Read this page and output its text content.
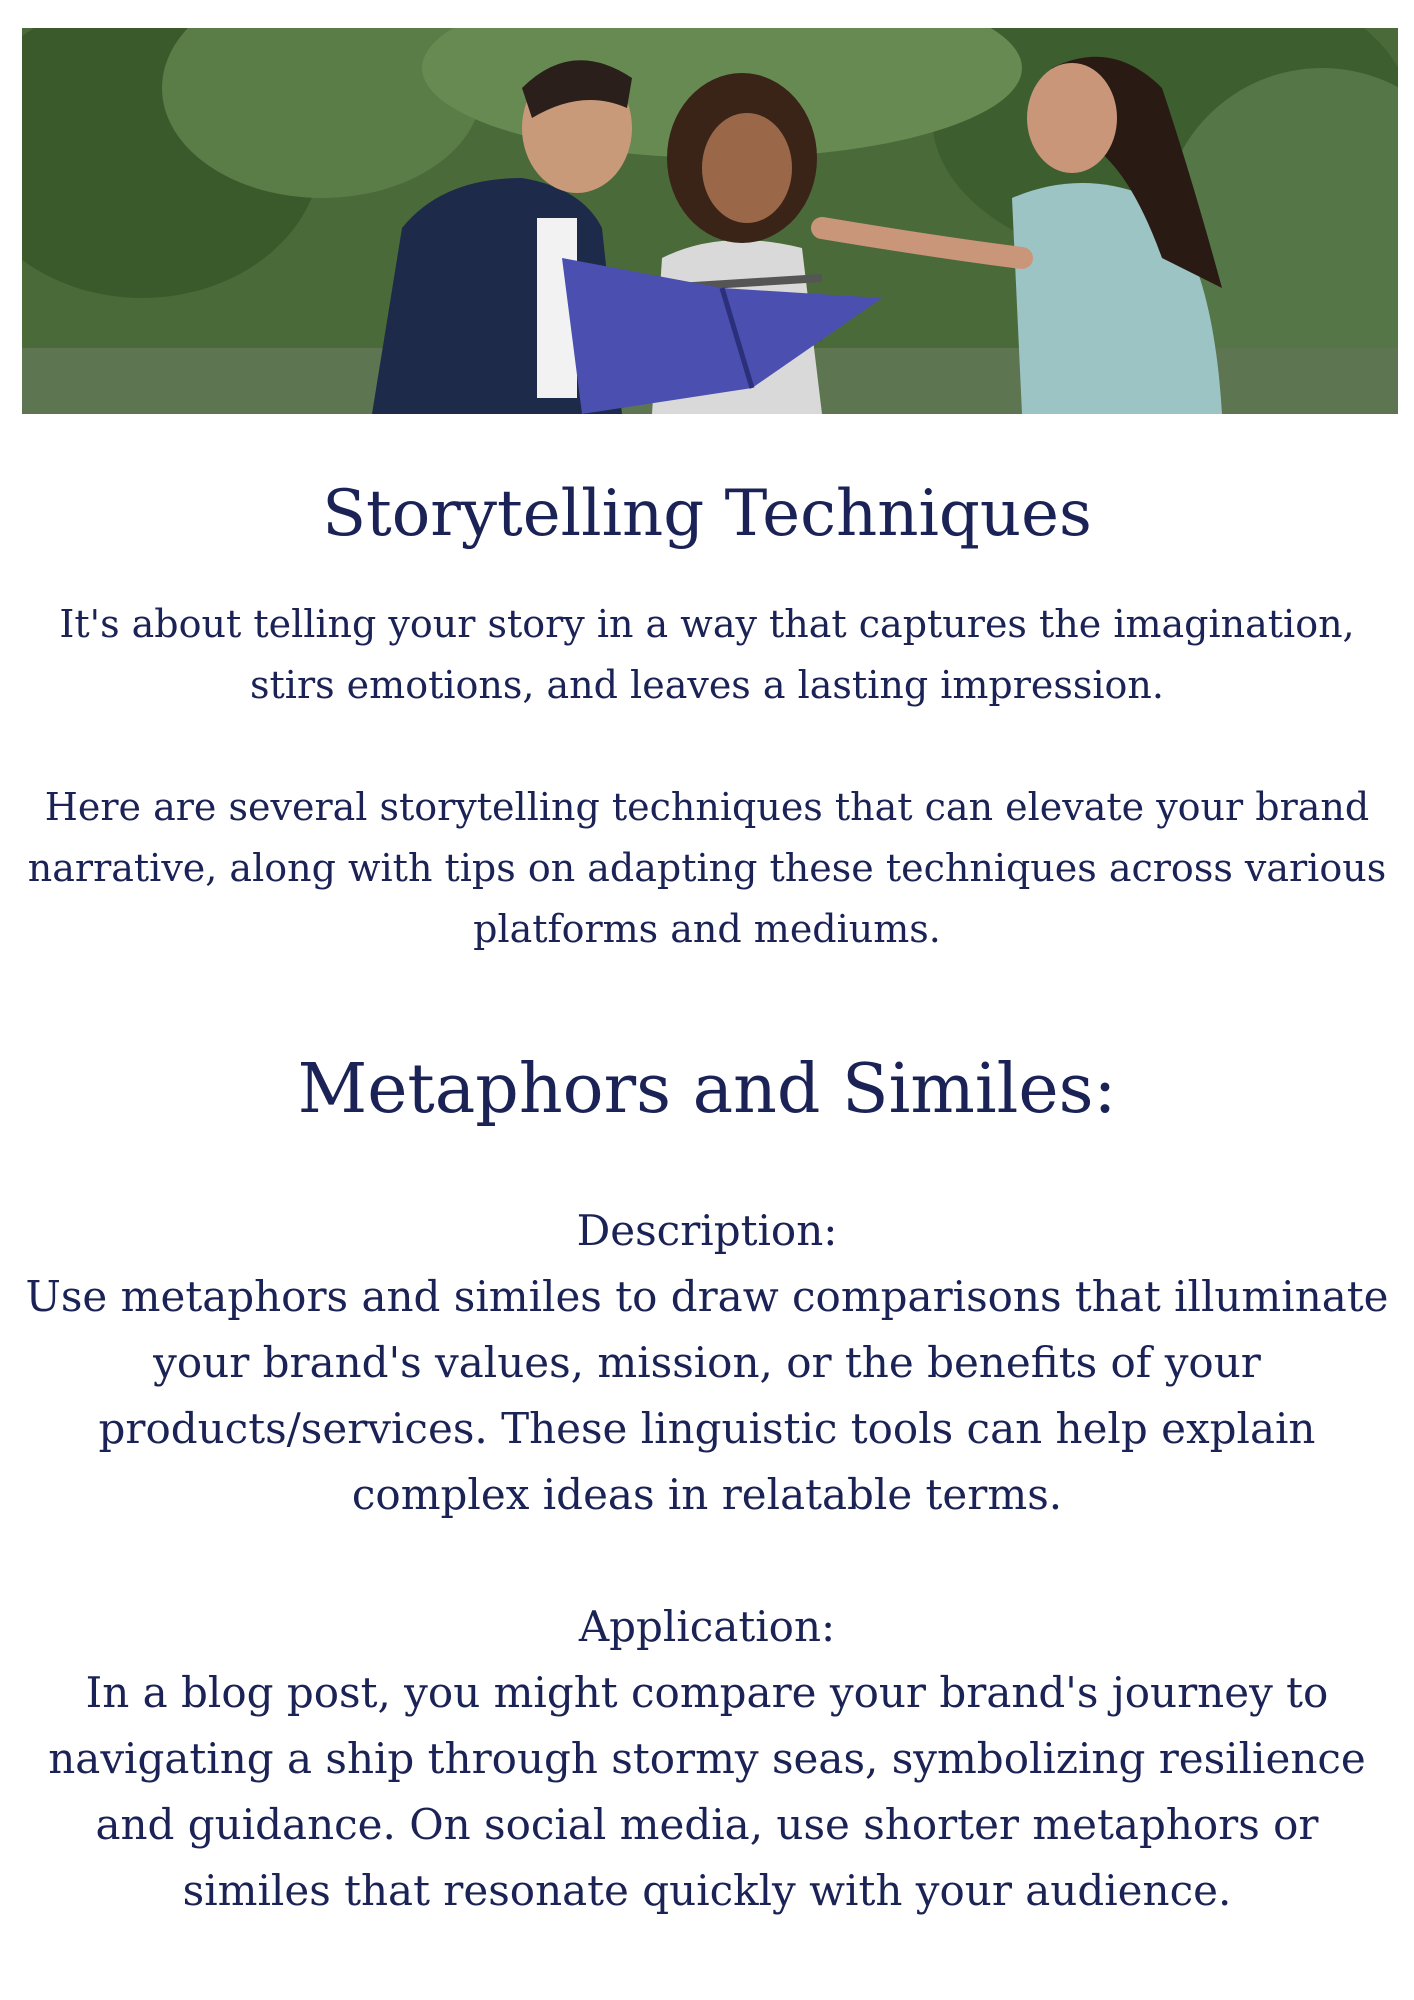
Storytelling Techniques

It's about telling your story in a way that captures the imagination, stirs emotions, and leaves a lasting impression.

Here are several storytelling techniques that can elevate your brand narrative, along with tips on adapting these techniques across various platforms and mediums.

Metaphors and Similes:
Description:
Use metaphors and similes to draw comparisons that illuminate your brand's values, mission, or the benefits of your products/services. These linguistic tools can help explain complex ideas in relatable terms.
Application:
In a blog post, you might compare your brand's journey to navigating a ship through stormy seas, symbolizing resilience and guidance. On social media, use shorter metaphors or similes that resonate quickly with your audience.
